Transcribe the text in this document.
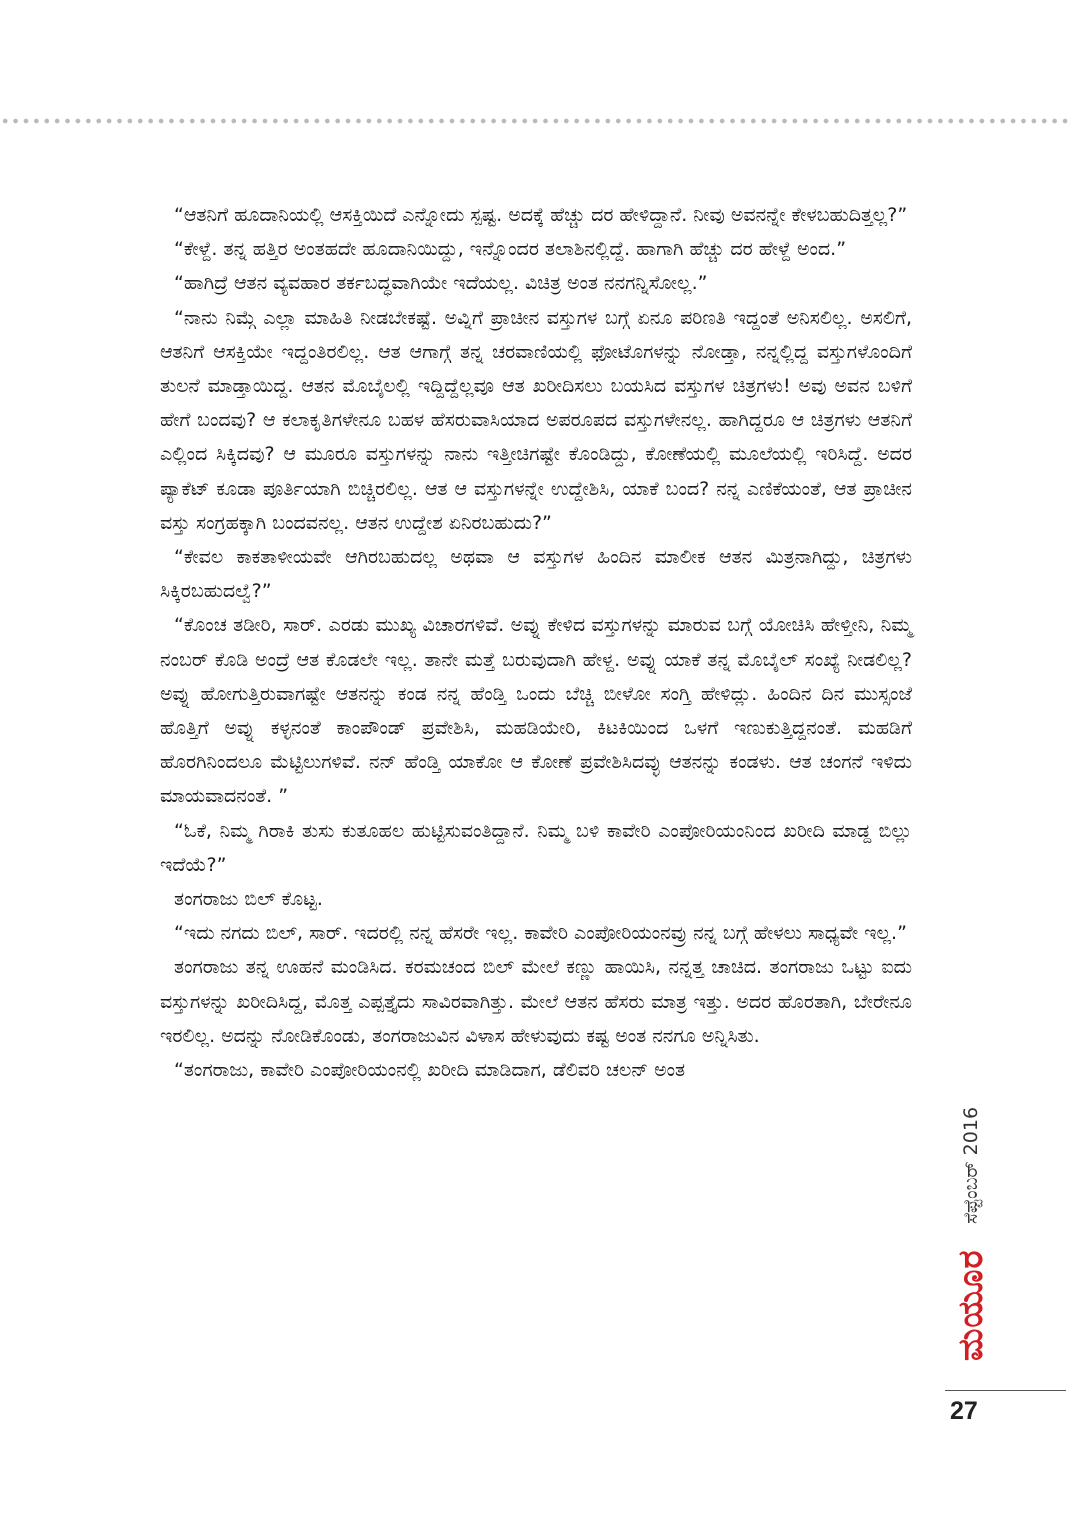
“ಆತನಿಗೆ ಹೂದಾನಿಯಲ್ಲಿ ಆಸಕ್ತಿಯಿದೆ ಎನ್ನೋದು ಸ್ಪಷ್ಟ. ಅದಕ್ಕೆ ಹೆಚ್ಚು ದರ ಹೇಳಿದ್ದಾನೆ. ನೀವು ಅವನನ್ನೇ ಕೇಳಬಹುದಿತ್ತಲ್ಲ?”

“ಕೇಳ್ದೆ. ತನ್ನ ಹತ್ತಿರ ಅಂತಹದೇ ಹೂದಾನಿಯಿದ್ದು, ಇನ್ನೊಂದರ ತಲಾಶಿನಲ್ಲಿದ್ದೆ. ಹಾಗಾಗಿ ಹೆಚ್ಚು ದರ ಹೇಳ್ದೆ ಅಂದ.”

“ಹಾಗಿದ್ರೆ ಆತನ ವ್ಯವಹಾರ ತರ್ಕಬದ್ಧವಾಗಿಯೇ ಇದೆಯಲ್ಲ. ವಿಚಿತ್ರ ಅಂತ ನನಗನ್ನಿಸೋಲ್ಲ.”

“ನಾನು ನಿಮ್ಗೆ ಎಲ್ಲಾ ಮಾಹಿತಿ ನೀಡಬೇಕಷ್ಟೆ. ಅವ್ನಿಗೆ ಪ್ರಾಚೀನ ವಸ್ತುಗಳ ಬಗ್ಗೆ ಏನೂ ಪರಿಣತಿ ಇದ್ದಂತೆ ಅನಿಸಲಿಲ್ಲ. ಅಸಲಿಗೆ, ಆತನಿಗೆ ಆಸಕ್ತಿಯೇ ಇದ್ದಂತಿರಲಿಲ್ಲ. ಆತ ಆಗಾಗ್ಗೆ ತನ್ನ ಚರವಾಣಿಯಲ್ಲಿ ಫೋಟೊಗಳನ್ನು ನೋಡ್ತಾ, ನನ್ನಲ್ಲಿದ್ದ ವಸ್ತುಗಳೊಂದಿಗೆ ತುಲನೆ ಮಾಡ್ತಾಯಿದ್ದ. ಆತನ ಮೊಬೈಲಲ್ಲಿ ಇದ್ದಿದ್ದೆಲ್ಲವೂ ಆತ ಖರೀದಿಸಲು ಬಯಸಿದ ವಸ್ತುಗಳ ಚಿತ್ರಗಳು! ಅವು ಅವನ ಬಳಿಗೆ ಹೇಗೆ ಬಂದವು? ಆ ಕಲಾಕೃತಿಗಳೇನೂ ಬಹಳ ಹೆಸರುವಾಸಿಯಾದ ಅಪರೂಪದ ವಸ್ತುಗಳೇನಲ್ಲ. ಹಾಗಿದ್ದರೂ ಆ ಚಿತ್ರಗಳು ಆತನಿಗೆ ಎಲ್ಲಿಂದ ಸಿಕ್ಕಿದವು? ಆ ಮೂರೂ ವಸ್ತುಗಳನ್ನು ನಾನು ಇತ್ತೀಚಿಗಷ್ಟೇ ಕೊಂಡಿದ್ದು, ಕೋಣೆಯಲ್ಲಿ ಮೂಲೆಯಲ್ಲಿ ಇರಿಸಿದ್ದೆ. ಅದರ ಪ್ಯಾಕೆಟ್ ಕೂಡಾ ಪೂರ್ತಿಯಾಗಿ ಬಿಚ್ಚಿರಲಿಲ್ಲ. ಆತ ಆ ವಸ್ತುಗಳನ್ನೇ ಉದ್ದೇಶಿಸಿ, ಯಾಕೆ ಬಂದ? ನನ್ನ ಎಣಿಕೆಯಂತೆ, ಆತ ಪ್ರಾಚೀನ ವಸ್ತು ಸಂಗ್ರಹಕ್ಕಾಗಿ ಬಂದವನಲ್ಲ. ಆತನ ಉದ್ದೇಶ ಏನಿರಬಹುದು?”

“ಕೇವಲ ಕಾಕತಾಳೀಯವೇ ಆಗಿರಬಹುದಲ್ಲ ಅಥವಾ ಆ ವಸ್ತುಗಳ ಹಿಂದಿನ ಮಾಲೀಕ ಆತನ ಮಿತ್ರನಾಗಿದ್ದು, ಚಿತ್ರಗಳು ಸಿಕ್ಕಿರಬಹುದಲ್ವೆ?”

“ಕೊಂಚ ತಡೀರಿ, ಸಾರ್. ಎರಡು ಮುಖ್ಯ ವಿಚಾರಗಳಿವೆ. ಅವ್ನು ಕೇಳಿದ ವಸ್ತುಗಳನ್ನು ಮಾರುವ ಬಗ್ಗೆ ಯೋಚಿಸಿ ಹೇಳ್ತೀನಿ, ನಿಮ್ಮ ನಂಬರ್ ಕೊಡಿ ಅಂದ್ರೆ ಆತ ಕೊಡಲೇ ಇಲ್ಲ. ತಾನೇ ಮತ್ತೆ ಬರುವುದಾಗಿ ಹೇಳ್ದ. ಅವ್ನು ಯಾಕೆ ತನ್ನ ಮೊಬೈಲ್ ಸಂಖ್ಯೆ ನೀಡಲಿಲ್ಲ? ಅವ್ನು ಹೋಗುತ್ತಿರುವಾಗಷ್ಟೇ ಆತನನ್ನು ಕಂಡ ನನ್ನ ಹೆಂಡ್ತಿ ಒಂದು ಬೆಚ್ಚಿ ಬೀಳೋ ಸಂಗ್ತಿ ಹೇಳಿದ್ಲು. ಹಿಂದಿನ ದಿನ ಮುಸ್ಸಂಜೆ ಹೊತ್ತಿಗೆ ಅವ್ನು ಕಳ್ಳನಂತೆ ಕಾಂಪೌಂಡ್ ಪ್ರವೇಶಿಸಿ, ಮಹಡಿಯೇರಿ, ಕಿಟಕಿಯಿಂದ ಒಳಗೆ ಇಣುಕುತ್ತಿದ್ದನಂತೆ. ಮಹಡಿಗೆ ಹೊರಗಿನಿಂದಲೂ ಮೆಟ್ಟಿಲುಗಳಿವೆ. ನನ್ ಹೆಂಡ್ತಿ ಯಾಕೋ ಆ ಕೋಣೆ ಪ್ರವೇಶಿಸಿದವ್ಳು ಆತನನ್ನು ಕಂಡಳು. ಆತ ಚಂಗನೆ ಇಳಿದು ಮಾಯವಾದನಂತೆ. ”

“ಓಕೆ, ನಿಮ್ಮ ಗಿರಾಕಿ ತುಸು ಕುತೂಹಲ ಹುಟ್ಟಿಸುವಂತಿದ್ದಾನೆ. ನಿಮ್ಮ ಬಳಿ ಕಾವೇರಿ ಎಂಪೋರಿಯಂನಿಂದ ಖರೀದಿ ಮಾಡ್ದ ಬಿಲ್ಲು ಇದೆಯೆ?”

ತಂಗರಾಜು ಬಿಲ್ ಕೊಟ್ಟ.

“ಇದು ನಗದು ಬಿಲ್, ಸಾರ್. ಇದರಲ್ಲಿ ನನ್ನ ಹೆಸರೇ ಇಲ್ಲ. ಕಾವೇರಿ ಎಂಪೋರಿಯಂನವ್ರು ನನ್ನ ಬಗ್ಗೆ ಹೇಳಲು ಸಾಧ್ಯವೇ ಇಲ್ಲ.”

ತಂಗರಾಜು ತನ್ನ ಊಹನೆ ಮಂಡಿಸಿದ. ಕರಮಚಂದ ಬಿಲ್ ಮೇಲೆ ಕಣ್ಣು ಹಾಯಿಸಿ, ನನ್ನತ್ತ ಚಾಚಿದ. ತಂಗರಾಜು ಒಟ್ಟು ಐದು ವಸ್ತುಗಳನ್ನು ಖರೀದಿಸಿದ್ದ, ಮೊತ್ತ ಎಪ್ಪತ್ತೈದು ಸಾವಿರವಾಗಿತ್ತು. ಮೇಲೆ ಆತನ ಹೆಸರು ಮಾತ್ರ ಇತ್ತು. ಅದರ ಹೊರತಾಗಿ, ಬೇರೇನೂ ಇರಲಿಲ್ಲ. ಅದನ್ನು ನೋಡಿಕೊಂಡು, ತಂಗರಾಜುವಿನ ವಿಳಾಸ ಹೇಳುವುದು ಕಷ್ಟ ಅಂತ ನನಗೂ ಅನ್ನಿಸಿತು.

“ತಂಗರಾಜು, ಕಾವೇರಿ ಎಂಪೋರಿಯಂನಲ್ಲಿ ಖರೀದಿ ಮಾಡಿದಾಗ, ಡೆಲಿವರಿ ಚಲನ್ ಅಂತ

ಸೆಪ್ಟೆಂಬರ್ 2016
ಮಯೂರ
27
